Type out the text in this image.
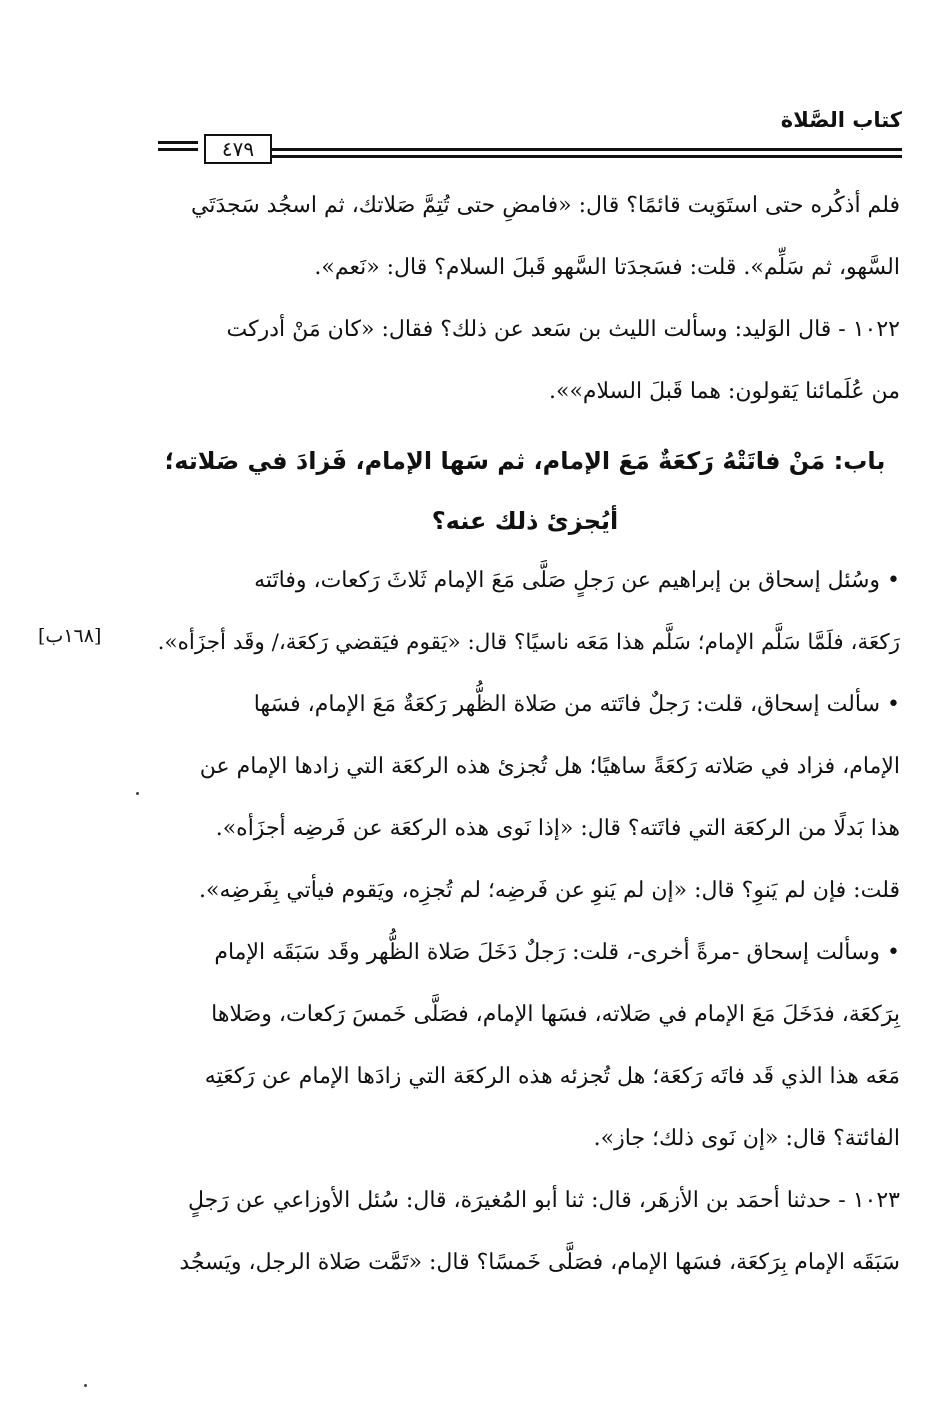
كتاب الصَّلاة
٤٧٩
[١٦٨ب]
فلم أذكُره حتى استَوَيت قائمًا؟ قال: «فامضِ حتى تُتِمَّ صَلاتك، ثم اسجُد سَجدَتَي
السَّهو، ثم سَلِّم». قلت: فسَجدَتا السَّهو قَبلَ السلام؟ قال: «نَعم».
١٠٢٢ - قال الوَليد: وسألت الليث بن سَعد عن ذلك؟ فقال: «كان مَنْ أدركت
من عُلَمائنا يَقولون: هما قَبلَ السلام»».
باب: مَنْ فاتَتْهُ رَكعَةٌ مَعَ الإمام، ثم سَها الإمام، فَزادَ في صَلاته؛
أيُجزئ ذلك عنه؟
• وسُئل إسحاق بن إبراهيم عن رَجلٍ صَلَّى مَعَ الإمام ثَلاثَ رَكعات، وفاتَته
رَكعَة، فلَمَّا سَلَّم الإمام؛ سَلَّم هذا مَعَه ناسيًا؟ قال: «يَقوم فيَقضي رَكعَة،/ وقَد أجزَأه».
• سألت إسحاق، قلت: رَجلٌ فاتَته من صَلاة الظُّهر رَكعَةٌ مَعَ الإمام، فسَها
الإمام، فزاد في صَلاته رَكعَةً ساهيًا؛ هل تُجزئ هذه الركعَة التي زادها الإمام عن
هذا بَدلًا من الركعَة التي فاتَته؟ قال: «إذا نَوى هذه الركعَة عن فَرضِه أجزَأه».
قلت: فإن لم يَنوِ؟ قال: «إن لم يَنوِ عن فَرضِه؛ لم تُجزِه، ويَقوم فيأتي بِفَرضِه».
• وسألت إسحاق -مرةً أخرى-، قلت: رَجلٌ دَخَلَ صَلاة الظُّهر وقَد سَبَقَه الإمام
بِرَكعَة، فدَخَلَ مَعَ الإمام في صَلاته، فسَها الإمام، فصَلَّى خَمسَ رَكعات، وصَلاها
مَعَه هذا الذي قَد فاتَه رَكعَة؛ هل تُجزئه هذه الركعَة التي زادَها الإمام عن رَكعَتِه
الفائتة؟ قال: «إن نَوى ذلك؛ جاز».
١٠٢٣ - حدثنا أحمَد بن الأزهَر، قال: ثنا أبو المُغيرَة، قال: سُئل الأوزاعي عن رَجلٍ
سَبَقَه الإمام بِرَكعَة، فسَها الإمام، فصَلَّى خَمسًا؟ قال: «تَمَّت صَلاة الرجل، ويَسجُد
